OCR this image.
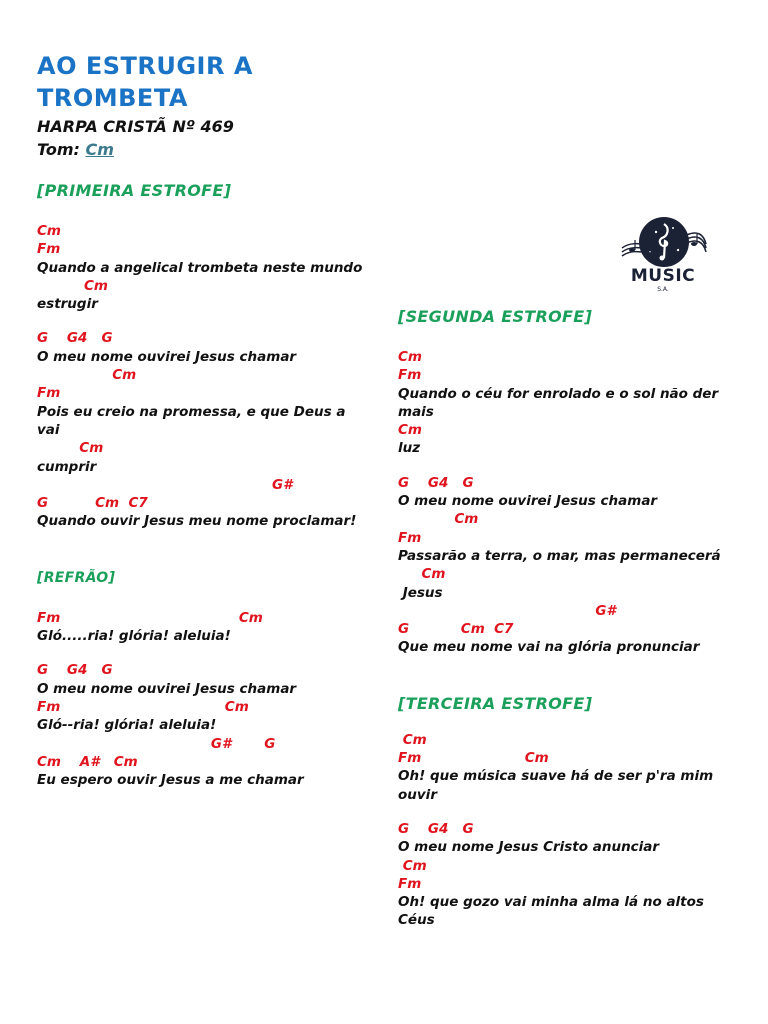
AO ESTRUGIR A TROMBETA
HARPA CRISTÃ Nº 469
Tom: Cm
MUSIC
S.A.
[PRIMEIRA ESTROFE]
Cm
Fm
Quando a angelical trombeta neste mundo
Cm
estrugir
G    G4   G
O meu nome ouvirei Jesus chamar
Cm
Fm
Pois eu creio na promessa, e que Deus a vai
Cm
cumprir
G#
G          Cm  C7
Quando ouvir Jesus meu nome proclamar!
[REFRÃO]
Fm                                      Cm
Gló.....ria! glória! aleluia!
G    G4   G
O meu nome ouvirei Jesus chamar
Fm                                   Cm
Gló--ria! glória! aleluia!
G#       G
Cm    A#   Cm
Eu espero ouvir Jesus a me chamar
[SEGUNDA ESTROFE]
Cm
Fm
Quando o céu for enrolado e o sol não der mais
Cm
luz
G    G4   G
O meu nome ouvirei Jesus chamar
Cm
Fm
Passarão a terra, o mar, mas permanecerá
Cm
Jesus
G#
G           Cm  C7
Que meu nome vai na glória pronunciar
[TERCEIRA ESTROFE]
Cm
Fm                      Cm
Oh! que música suave há de ser p'ra mim ouvir
G    G4   G
O meu nome Jesus Cristo anunciar
Cm
Fm
Oh! que gozo vai minha alma lá no altos Céus
